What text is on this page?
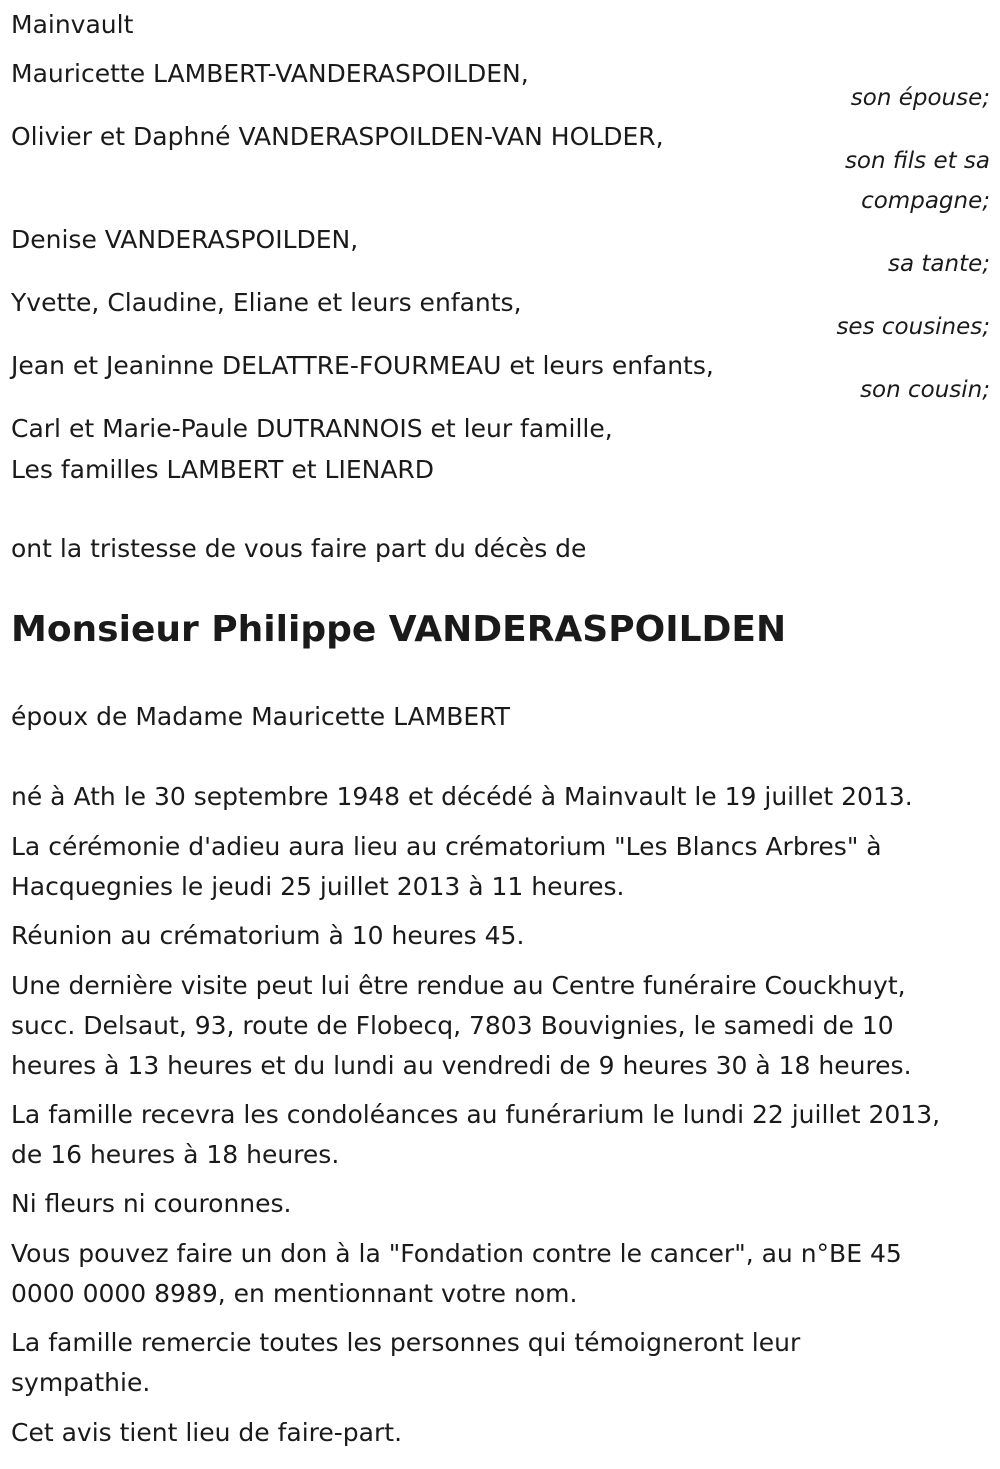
Mainvault
Mauricette LAMBERT-VANDERASPOILDEN,
son épouse;
Olivier et Daphné VANDERASPOILDEN-VAN HOLDER,
son fils et sa
compagne;
Denise VANDERASPOILDEN,
sa tante;
Yvette, Claudine, Eliane et leurs enfants,
ses cousines;
Jean et Jeaninne DELATTRE-FOURMEAU et leurs enfants,
son cousin;
Carl et Marie-Paule DUTRANNOIS et leur famille,
Les familles LAMBERT et LIENARD
ont la tristesse de vous faire part du décès de
Monsieur Philippe VANDERASPOILDEN
époux de Madame Mauricette LAMBERT
né à Ath le 30 septembre 1948 et décédé à Mainvault le 19 juillet 2013.
La cérémonie d'adieu aura lieu au crématorium "Les Blancs Arbres" à
Hacquegnies le jeudi 25 juillet 2013 à 11 heures.
Réunion au crématorium à 10 heures 45.
Une dernière visite peut lui être rendue au Centre funéraire Couckhuyt,
succ. Delsaut, 93, route de Flobecq, 7803 Bouvignies, le samedi de 10
heures à 13 heures et du lundi au vendredi de 9 heures 30 à 18 heures.
La famille recevra les condoléances au funérarium le lundi 22 juillet 2013,
de 16 heures à 18 heures.
Ni fleurs ni couronnes.
Vous pouvez faire un don à la "Fondation contre le cancer", au n°BE 45
0000 0000 8989, en mentionnant votre nom.
La famille remercie toutes les personnes qui témoigneront leur
sympathie.
Cet avis tient lieu de faire-part.
